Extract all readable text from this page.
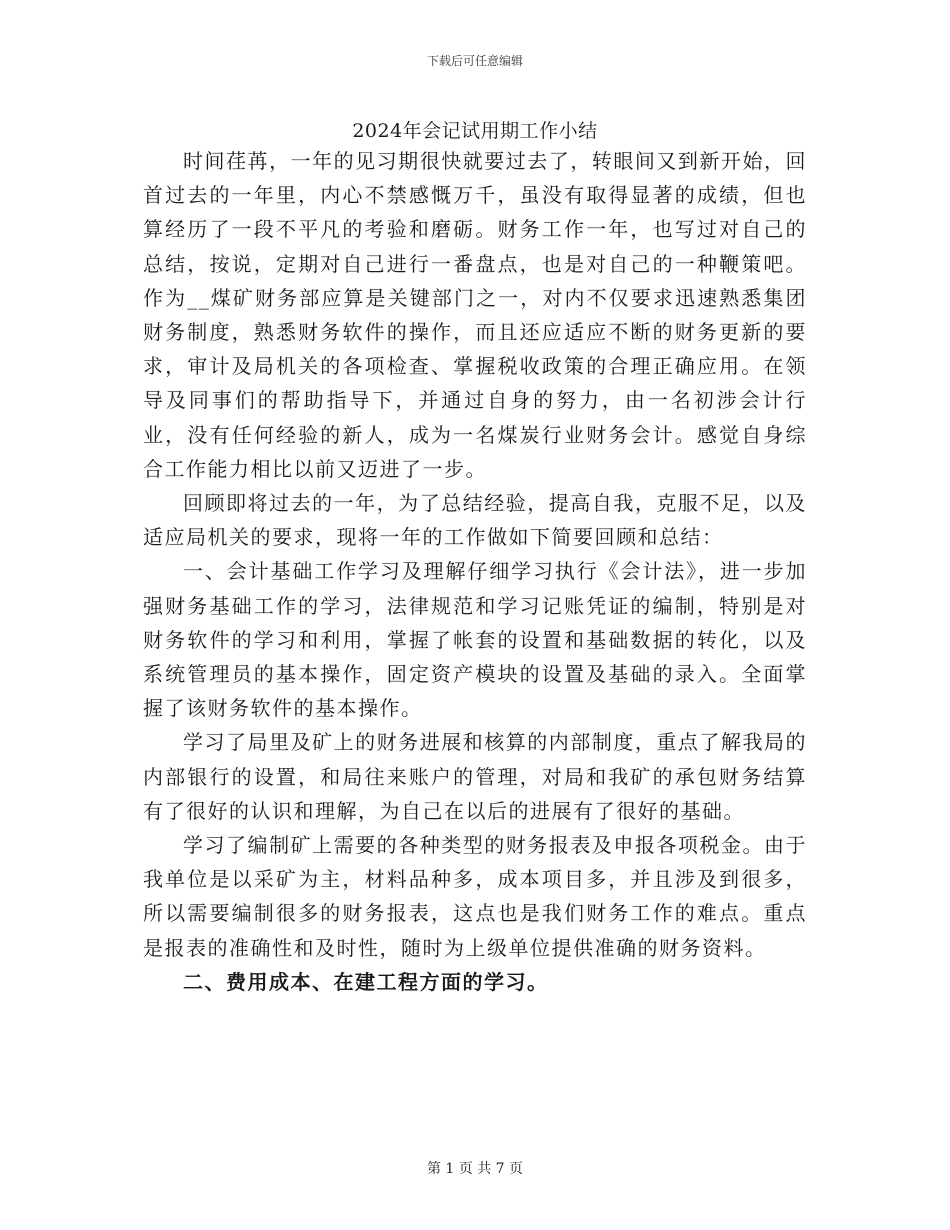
下载后可任意编辑
2024年会记试用期工作小结

时间荏苒，一年的见习期很快就要过去了，转眼间又到新开始，回首过去的一年里，内心不禁感慨万千，虽没有取得显著的成绩，但也算经历了一段不平凡的考验和磨砺。财务工作一年，也写过对自己的总结，按说，定期对自己进行一番盘点，也是对自己的一种鞭策吧。作为__煤矿财务部应算是关键部门之一，对内不仅要求迅速熟悉集团财务制度，熟悉财务软件的操作，而且还应适应不断的财务更新的要求，审计及局机关的各项检查、掌握税收政策的合理正确应用。在领导及同事们的帮助指导下，并通过自身的努力，由一名初涉会计行业，没有任何经验的新人，成为一名煤炭行业财务会计。感觉自身综合工作能力相比以前又迈进了一步。

回顾即将过去的一年，为了总结经验，提高自我，克服不足，以及适应局机关的要求，现将一年的工作做如下简要回顾和总结：

一、会计基础工作学习及理解仔细学习执行《会计法》，进一步加强财务基础工作的学习，法律规范和学习记账凭证的编制，特别是对财务软件的学习和利用，掌握了帐套的设置和基础数据的转化，以及系统管理员的基本操作，固定资产模块的设置及基础的录入。全面掌握了该财务软件的基本操作。

学习了局里及矿上的财务进展和核算的内部制度，重点了解我局的内部银行的设置，和局往来账户的管理，对局和我矿的承包财务结算有了很好的认识和理解，为自己在以后的进展有了很好的基础。

学习了编制矿上需要的各种类型的财务报表及申报各项税金。由于我单位是以采矿为主，材料品种多，成本项目多，并且涉及到很多，所以需要编制很多的财务报表，这点也是我们财务工作的难点。重点是报表的准确性和及时性，随时为上级单位提供准确的财务资料。

二、费用成本、在建工程方面的学习。

第 1 页 共 7 页
